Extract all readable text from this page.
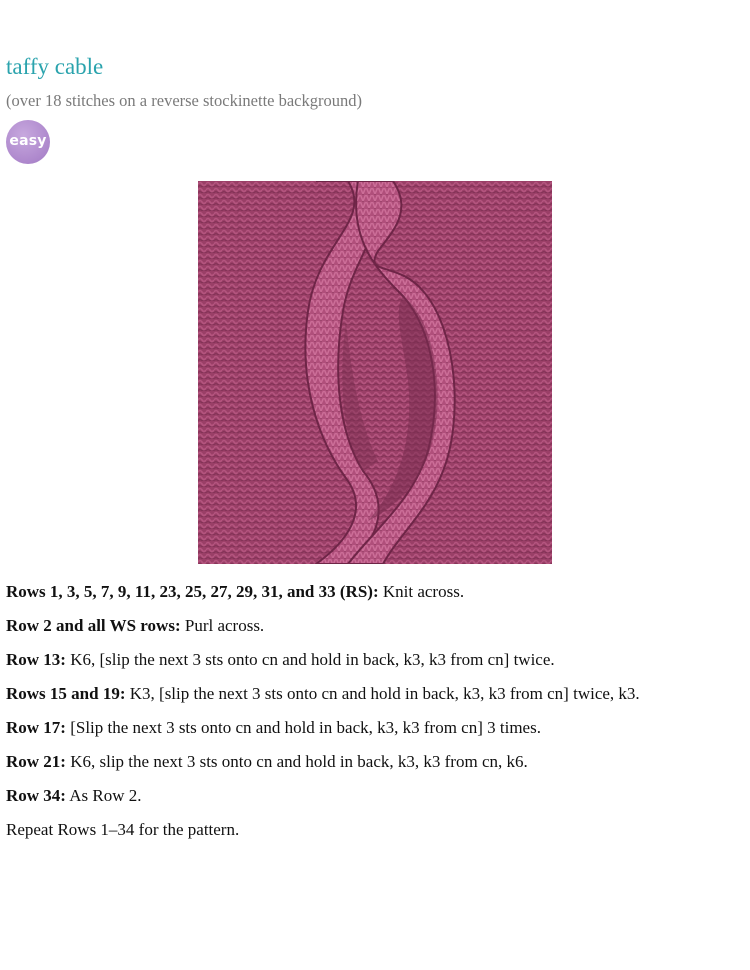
taffy cable
(over 18 stitches on a reverse stockinette background)
easy

Rows 1, 3, 5, 7, 9, 11, 23, 25, 27, 29, 31, and 33 (RS): Knit across.

Row 2 and all WS rows: Purl across.

Row 13: K6, [slip the next 3 sts onto cn and hold in back, k3, k3 from cn] twice.

Rows 15 and 19: K3, [slip the next 3 sts onto cn and hold in back, k3, k3 from cn] twice, k3.

Row 17: [Slip the next 3 sts onto cn and hold in back, k3, k3 from cn] 3 times.

Row 21: K6, slip the next 3 sts onto cn and hold in back, k3, k3 from cn, k6.

Row 34: As Row 2.

Repeat Rows 1–34 for the pattern.
